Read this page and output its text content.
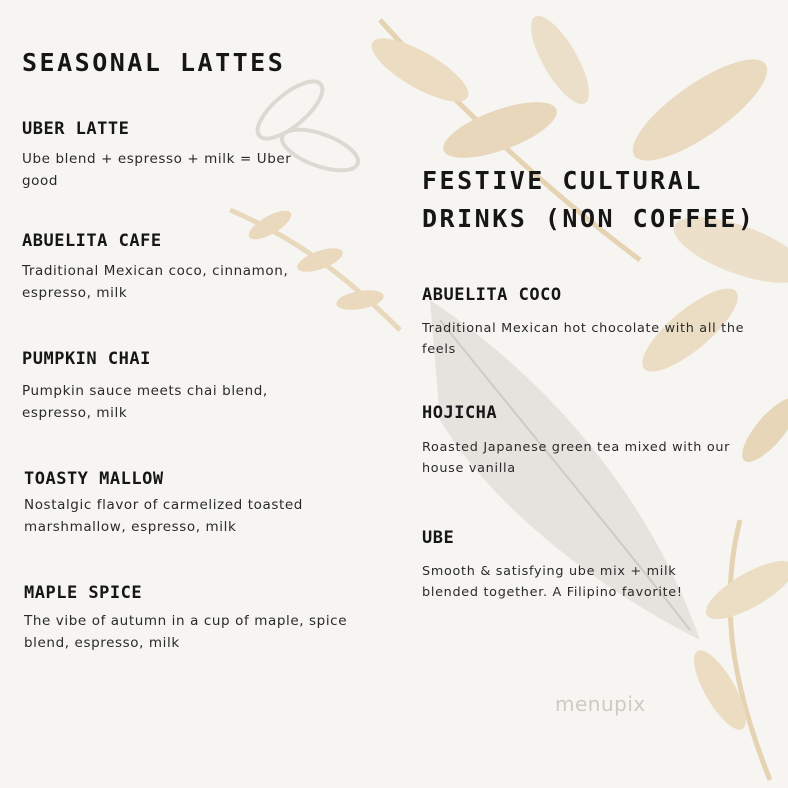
SEASONAL LATTES
UBER LATTE

Ube blend + espresso + milk = Uber good

ABUELITA CAFE

Traditional Mexican coco, cinnamon, espresso, milk

PUMPKIN CHAI

Pumpkin sauce meets chai blend, espresso, milk

TOASTY MALLOW

Nostalgic flavor of carmelized toasted marshmallow, espresso, milk

MAPLE SPICE

The vibe of autumn in a cup of maple, spice blend, espresso, milk

FESTIVE CULTURAL DRINKS (NON COFFEE)
ABUELITA COCO

Traditional Mexican hot chocolate with all the feels

HOJICHA

Roasted Japanese green tea mixed with our house vanilla

UBE

Smooth & satisfying ube mix + milk blended together. A Filipino favorite!

menupix
